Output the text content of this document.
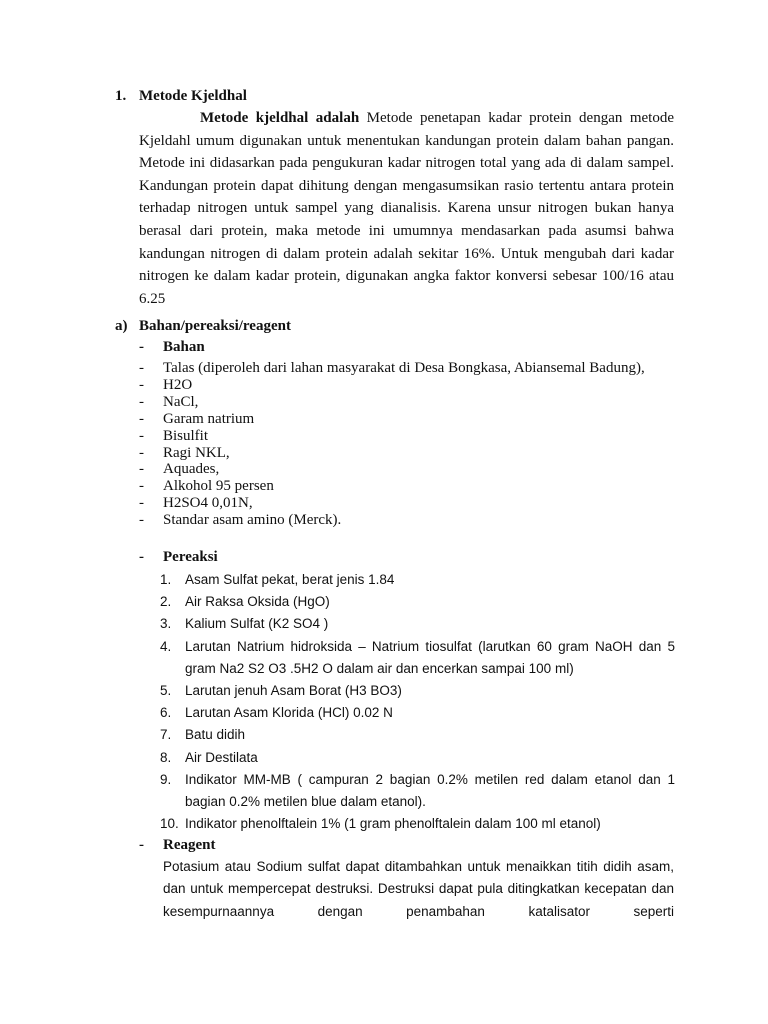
1. Metode Kjeldhal
Metode kjeldhal adalah Metode penetapan kadar protein dengan metode Kjeldahl umum digunakan untuk menentukan kandungan protein dalam bahan pangan. Metode ini didasarkan pada pengukuran kadar nitrogen total yang ada di dalam sampel. Kandungan protein dapat dihitung dengan mengasumsikan rasio tertentu antara protein terhadap nitrogen untuk sampel yang dianalisis. Karena unsur nitrogen bukan hanya berasal dari protein, maka metode ini umumnya mendasarkan pada asumsi bahwa kandungan nitrogen di dalam protein adalah sekitar 16%. Untuk mengubah dari kadar nitrogen ke dalam kadar protein, digunakan angka faktor konversi sebesar 100/16 atau 6.25
a) Bahan/pereaksi/reagent
- Bahan
-	Talas (diperoleh dari lahan masyarakat di Desa Bongkasa, Abiansemal Badung),
-	H2O
-	NaCl,
-	Garam natrium
-	Bisulfit
-	Ragi NKL,
-	Aquades,
-	Alkohol 95 persen
-	H2SO4 0,01N,
-	Standar asam amino (Merck).
- Pereaksi
1.	Asam Sulfat pekat, berat jenis 1.84
2.	Air Raksa Oksida (HgO)
3.	Kalium Sulfat (K2 SO4 )
4.	Larutan Natrium hidroksida – Natrium tiosulfat (larutkan 60 gram NaOH dan 5 gram Na2 S2 O3 .5H2 O dalam air dan encerkan sampai 100 ml)
5.	Larutan jenuh Asam Borat (H3 BO3)
6.	Larutan Asam Klorida (HCl) 0.02 N
7.	Batu didih
8.	Air Destilata
9.	Indikator MM-MB ( campuran 2 bagian 0.2% metilen red dalam etanol dan 1 bagian 0.2% metilen blue dalam etanol).
10. Indikator phenolftalein 1% (1 gram phenolftalein dalam 100 ml etanol)
- Reagent
Potasium atau Sodium sulfat dapat ditambahkan untuk menaikkan titih didih asam, dan untuk mempercepat destruksi. Destruksi dapat pula ditingkatkan kecepatan dan kesempurnaannya dengan penambahan katalisator seperti
